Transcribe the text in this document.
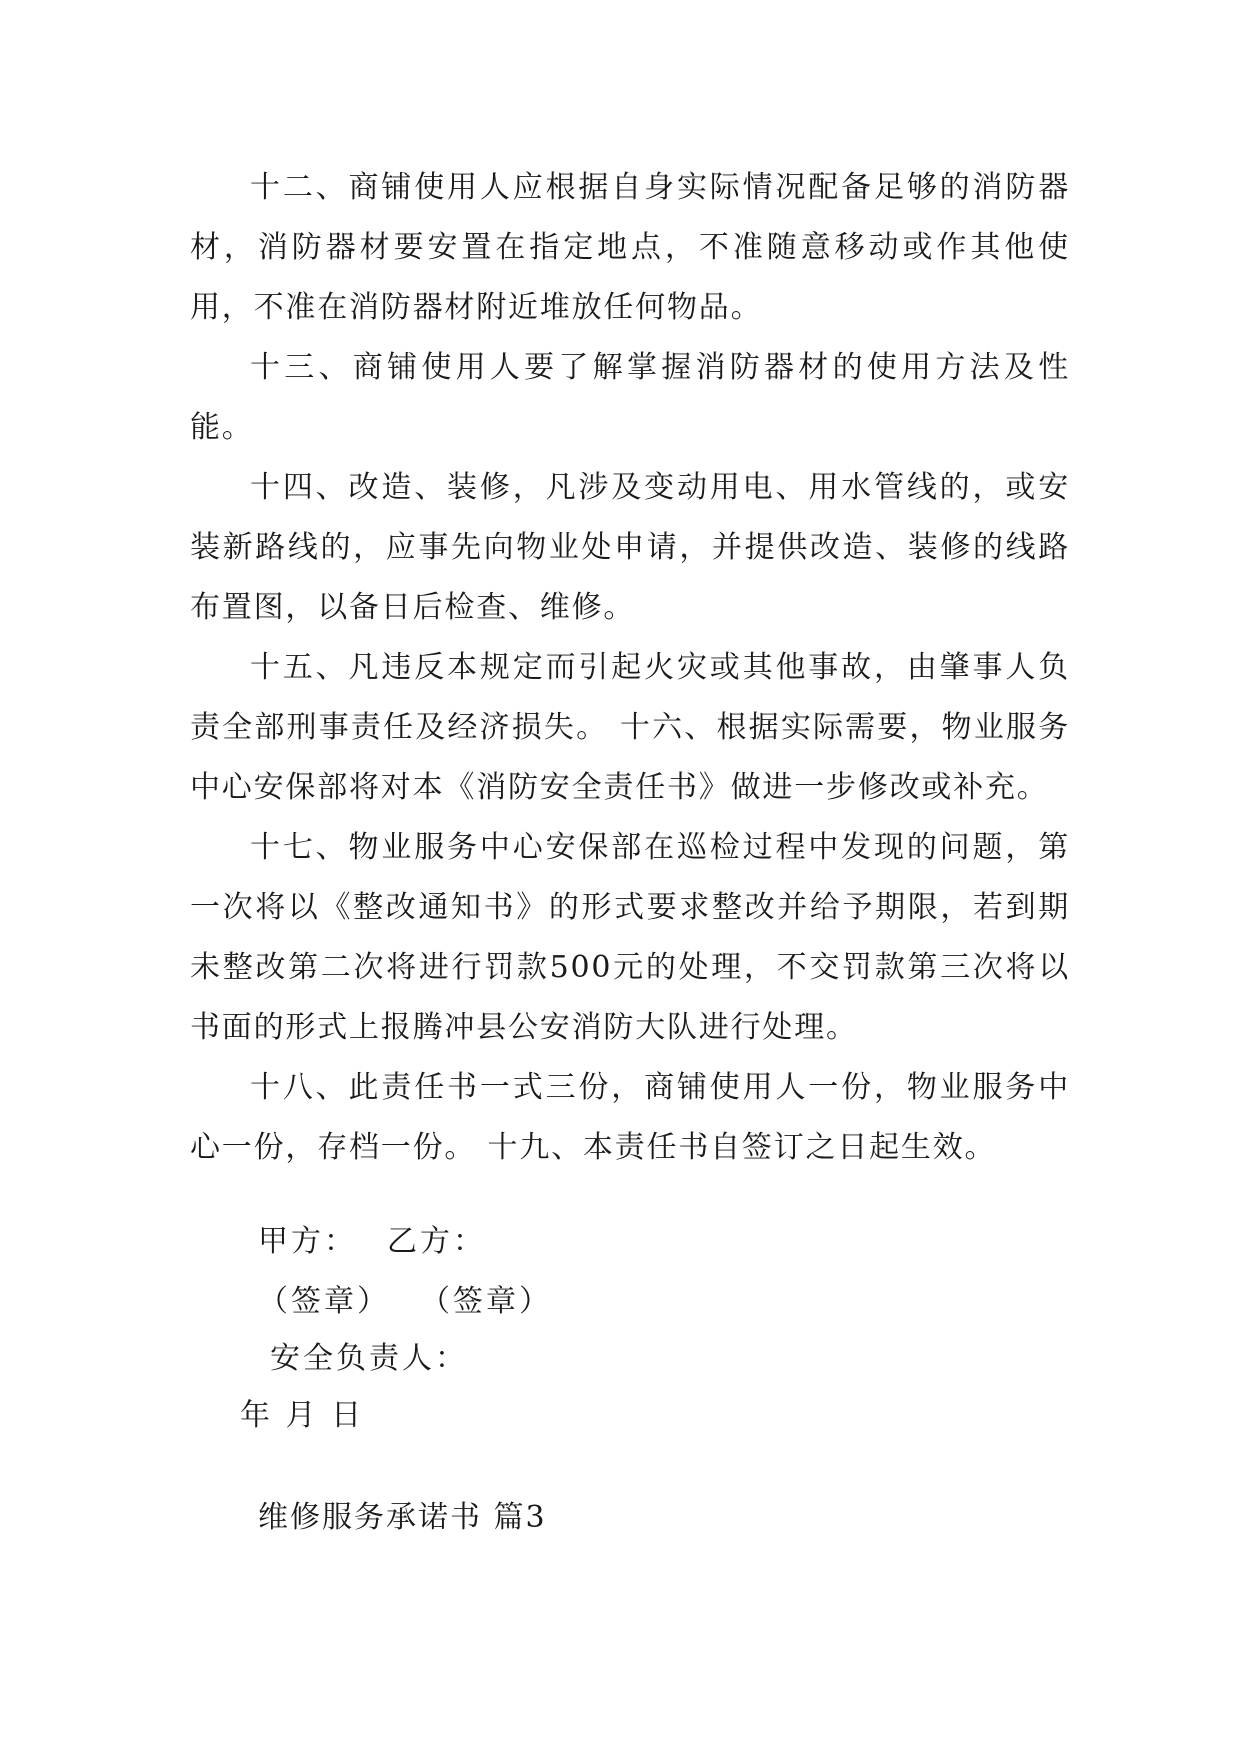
十二、商铺使用人应根据自身实际情况配备足够的消防器材，消防器材要安置在指定地点，不准随意移动或作其他使用，不准在消防器材附近堆放任何物品。

十三、商铺使用人要了解掌握消防器材的使用方法及性能。

十四、改造、装修，凡涉及变动用电、用水管线的，或安装新路线的，应事先向物业处申请，并提供改造、装修的线路布置图，以备日后检查、维修。

十五、凡违反本规定而引起火灾或其他事故，由肇事人负责全部刑事责任及经济损失。 十六、根据实际需要，物业服务中心安保部将对本《消防安全责任书》做进一步修改或补充。

十七、物业服务中心安保部在巡检过程中发现的问题，第一次将以《整改通知书》的形式要求整改并给予期限，若到期未整改第二次将进行罚款500元的处理，不交罚款第三次将以书面的形式上报腾冲县公安消防大队进行处理。

十八、此责任书一式三份，商铺使用人一份，物业服务中心一份，存档一份。 十九、本责任书自签订之日起生效。

甲方： 乙方：
（签章） （签章）
安全负责人：
年 月 日
维修服务承诺书 篇3
